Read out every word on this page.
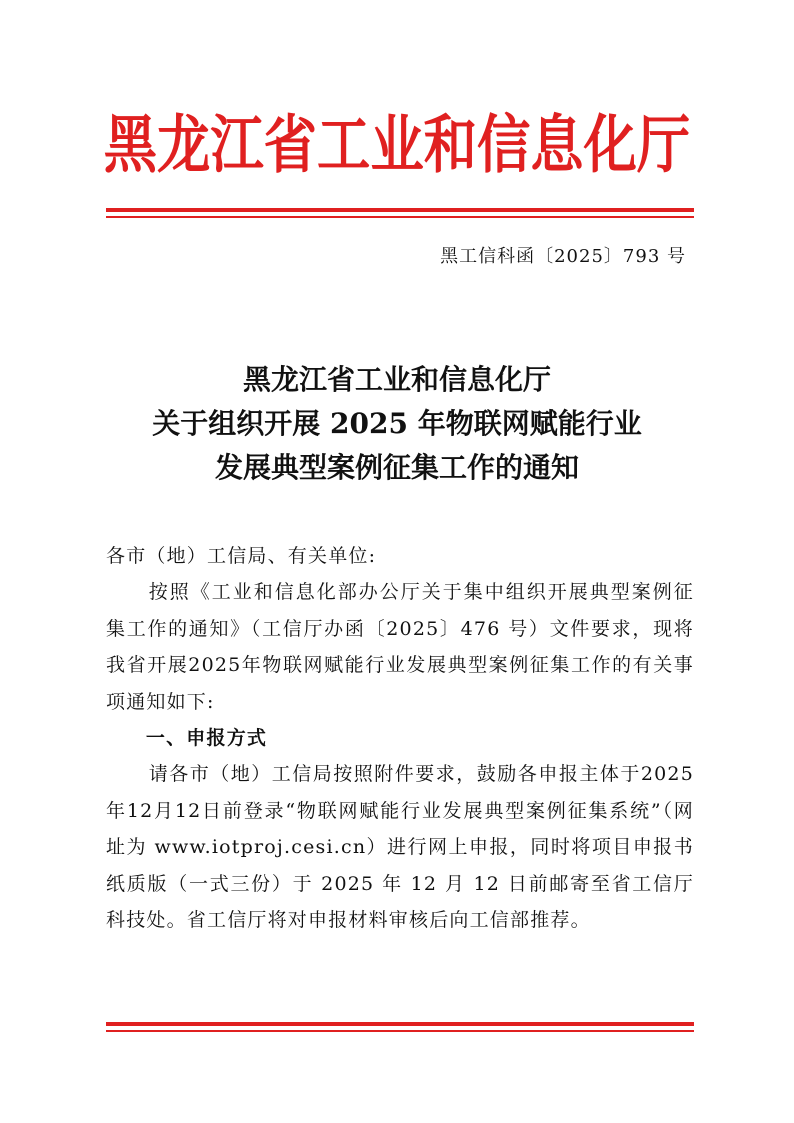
黑龙江省工业和信息化厅
黑工信科函〔2025〕793 号
黑龙江省工业和信息化厅
关于组织开展 2025 年物联网赋能行业
发展典型案例征集工作的通知

各市（地）工信局、有关单位:

按照《工业和信息化部办公厅关于集中组织开展典型案例征集工作的通知》（工信厅办函〔2025〕476 号）文件要求，现将我省开展2025年物联网赋能行业发展典型案例征集工作的有关事项通知如下:

一、申报方式

请各市（地）工信局按照附件要求，鼓励各申报主体于2025年12月12日前登录“物联网赋能行业发展典型案例征集系统”（网址为 www.iotproj.cesi.cn）进行网上申报，同时将项目申报书纸质版（一式三份）于 2025 年 12 月 12 日前邮寄至省工信厅科技处。省工信厅将对申报材料审核后向工信部推荐。
